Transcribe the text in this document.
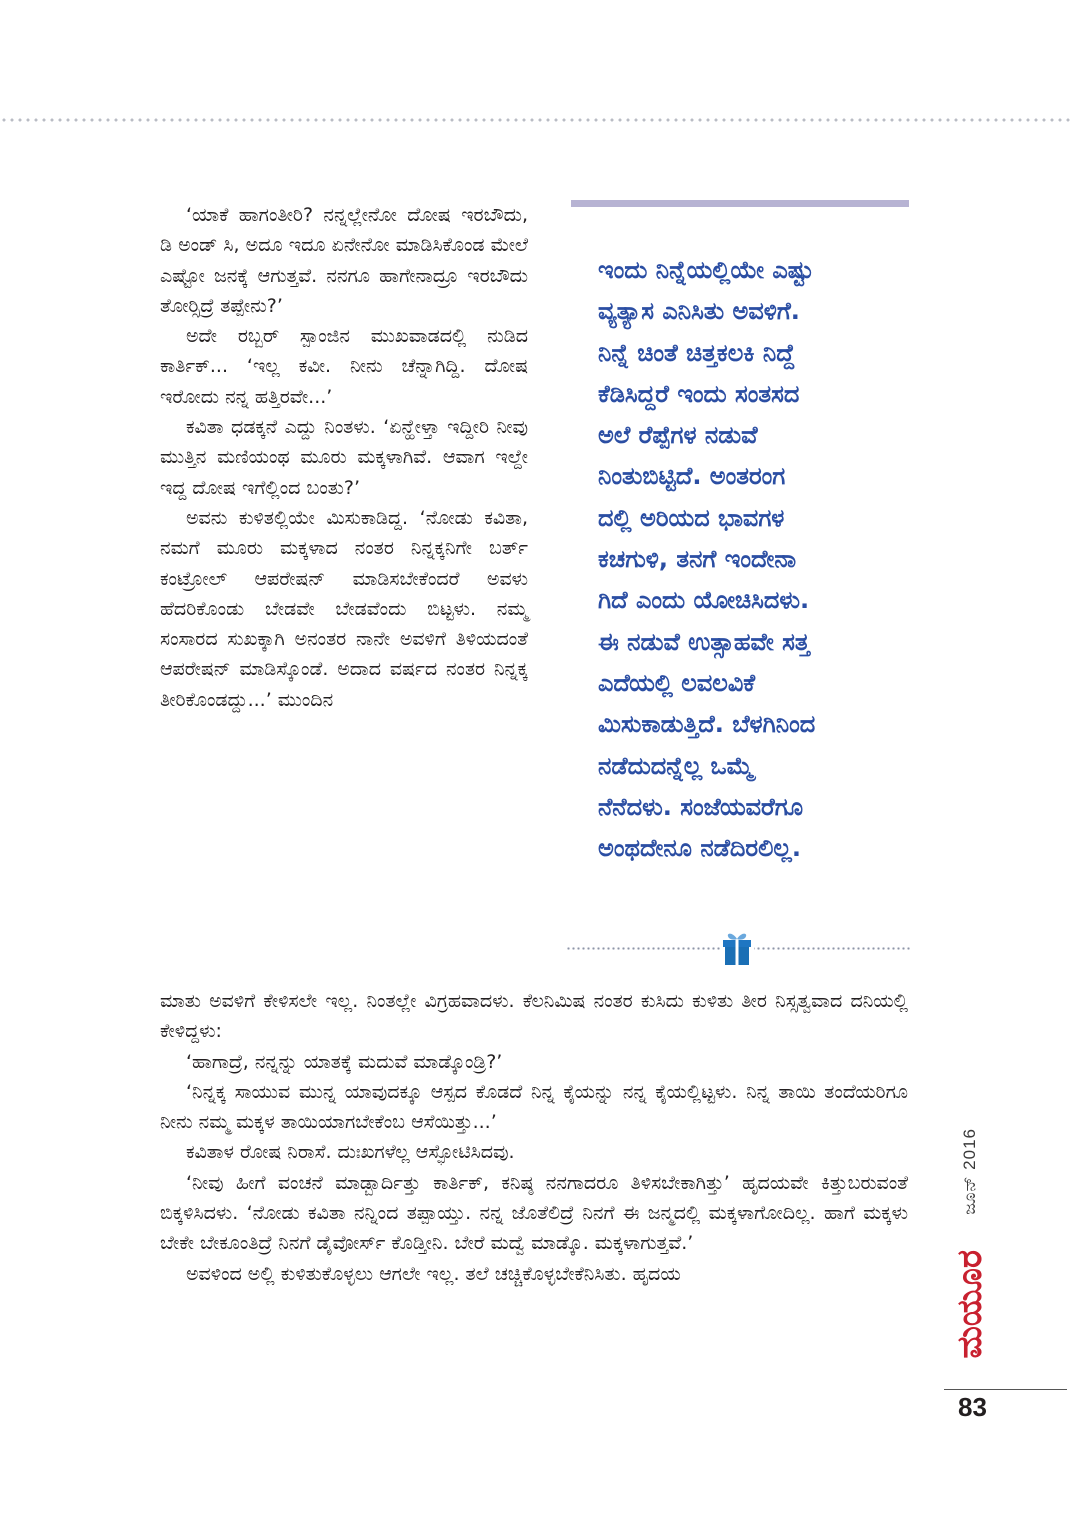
‘ಯಾಕೆ ಹಾಗಂತೀರಿ? ನನ್ನಲ್ಲೇನೋ ದೋಷ ಇರಬೌದು, ಡಿ ಅಂಡ್ ಸಿ, ಅದೂ ಇದೂ ಏನೇನೋ ಮಾಡಿಸಿಕೊಂಡ ಮೇಲೆ ಎಷ್ಟೋ ಜನಕ್ಕೆ ಆಗುತ್ತವೆ. ನನಗೂ ಹಾಗೇನಾದ್ರೂ ಇರಬೌದು ತೋರ್‍ಸಿದ್ರೆ ತಪ್ಪೇನು?’

ಅದೇ ರಬ್ಬರ್ ಸ್ಪಾಂಜಿನ ಮುಖವಾಡದಲ್ಲಿ ನುಡಿದ ಕಾರ್ತಿಕ್... ‘ಇಲ್ಲ ಕವೀ. ನೀನು ಚೆನ್ನಾಗಿದ್ದಿ. ದೋಷ ಇರೋದು ನನ್ನ ಹತ್ತಿರವೇ...’

ಕವಿತಾ ಧಡಕ್ಕನೆ ಎದ್ದು ನಿಂತಳು. ‘ಏನ್ಹೇಳ್ತಾ ಇದ್ದೀರಿ ನೀವು ಮುತ್ತಿನ ಮಣಿಯಂಥ ಮೂರು ಮಕ್ಕಳಾಗಿವೆ. ಆವಾಗ ಇಲ್ದೇ ಇದ್ದ ದೋಷ ಇಗೆಲ್ಲಿಂದ ಬಂತು?’

ಅವನು ಕುಳಿತಲ್ಲಿಯೇ ಮಿಸುಕಾಡಿದ್ದ. ‘ನೋಡು ಕವಿತಾ, ನಮಗೆ ಮೂರು ಮಕ್ಕಳಾದ ನಂತರ ನಿನ್ನಕ್ಕನಿಗೇ ಬರ್ತ್ ಕಂಟ್ರೋಲ್ ಆಪರೇಷನ್ ಮಾಡಿಸಬೇಕೆಂದರೆ ಅವಳು ಹೆದರಿಕೊಂಡು ಬೇಡವೇ ಬೇಡವೆಂದು ಬಿಟ್ಟಳು. ನಮ್ಮ ಸಂಸಾರದ ಸುಖಕ್ಕಾಗಿ ಅನಂತರ ನಾನೇ ಅವಳಿಗೆ ತಿಳಿಯದಂತೆ ಆಪರೇಷನ್ ಮಾಡಿಸ್ಕೊಂಡೆ. ಅದಾದ ವರ್ಷದ ನಂತರ ನಿನ್ನಕ್ಕ ತೀರಿಕೊಂಡದ್ದು...’ ಮುಂದಿನ

ಇಂದು ನಿನ್ನೆಯಲ್ಲಿಯೇ ಎಷ್ಟು
ವ್ಯತ್ಯಾಸ ಎನಿಸಿತು ಅವಳಿಗೆ.
ನಿನ್ನೆ ಚಿಂತೆ ಚಿತ್ತಕಲಕಿ ನಿದ್ದೆ
ಕೆಡಿಸಿದ್ದರೆ ಇಂದು ಸಂತಸದ
ಅಲೆ ರೆಪ್ಪೆಗಳ ನಡುವೆ
ನಿಂತುಬಿಟ್ಟಿದೆ. ಅಂತರಂಗ
ದಲ್ಲಿ ಅರಿಯದ ಭಾವಗಳ
ಕಚಗುಳಿ, ತನಗೆ ಇಂದೇನಾ
ಗಿದೆ ಎಂದು ಯೋಚಿಸಿದಳು.
ಈ ನಡುವೆ ಉತ್ಸಾಹವೇ ಸತ್ತ
ಎದೆಯಲ್ಲಿ ಲವಲವಿಕೆ
ಮಿಸುಕಾಡುತ್ತಿದೆ. ಬೆಳಗಿನಿಂದ
ನಡೆದುದನ್ನೆಲ್ಲ ಒಮ್ಮೆ
ನೆನೆದಳು. ಸಂಜೆಯವರೆಗೂ
ಅಂಥದೇನೂ ನಡೆದಿರಲಿಲ್ಲ.

ಮಾತು ಅವಳಿಗೆ ಕೇಳಿಸಲೇ ಇಲ್ಲ. ನಿಂತಲ್ಲೇ ವಿಗ್ರಹವಾದಳು. ಕೆಲನಿಮಿಷ ನಂತರ ಕುಸಿದು ಕುಳಿತು ತೀರ ನಿಸ್ಸತ್ವವಾದ ದನಿಯಲ್ಲಿ ಕೇಳಿದ್ದಳು:

‘ಹಾಗಾದ್ರೆ, ನನ್ನನ್ನು ಯಾತಕ್ಕೆ ಮದುವೆ ಮಾಡ್ಕೊಂಡ್ರಿ?’

‘ನಿನ್ನಕ್ಕ ಸಾಯುವ ಮುನ್ನ ಯಾವುದಕ್ಕೂ ಆಸ್ಪದ ಕೊಡದೆ ನಿನ್ನ ಕೈಯನ್ನು ನನ್ನ ಕೈಯಲ್ಲಿಟ್ಟಳು. ನಿನ್ನ ತಾಯಿ ತಂದೆಯರಿಗೂ ನೀನು ನಮ್ಮ ಮಕ್ಕಳ ತಾಯಿಯಾಗಬೇಕೆಂಬ ಆಸೆಯಿತ್ತು...’

ಕವಿತಾಳ ರೋಷ ನಿರಾಸೆ. ದುಃಖಗಳೆಲ್ಲ ಆಸ್ಫೋಟಿಸಿದವು.

‘ನೀವು ಹೀಗೆ ವಂಚನೆ ಮಾಡ್ಬಾರ್ದಿತ್ತು ಕಾರ್ತಿಕ್, ಕನಿಷ್ಠ ನನಗಾದರೂ ತಿಳಿಸಬೇಕಾಗಿತ್ತು’ ಹೃದಯವೇ ಕಿತ್ತುಬರುವಂತೆ ಬಿಕ್ಕಳಿಸಿದಳು. ‘ನೋಡು ಕವಿತಾ ನನ್ನಿಂದ ತಪ್ಪಾಯ್ತು. ನನ್ನ ಜೊತೆಲಿದ್ರೆ ನಿನಗೆ ಈ ಜನ್ಮದಲ್ಲಿ ಮಕ್ಕಳಾಗೋದಿಲ್ಲ. ಹಾಗೆ ಮಕ್ಕಳು ಬೇಕೇ ಬೇಕೂಂತಿದ್ರೆ ನಿನಗೆ ಡೈವೋರ್ಸ್ ಕೊಡ್ತೀನಿ. ಬೇರೆ ಮದ್ವೆ ಮಾಡ್ಕೊ. ಮಕ್ಕಳಾಗುತ್ತವೆ.’

ಅವಳಿಂದ ಅಲ್ಲಿ ಕುಳಿತುಕೊಳ್ಳಲು ಆಗಲೇ ಇಲ್ಲ. ತಲೆ ಚಚ್ಚಿಕೊಳ್ಳಬೇಕೆನಿಸಿತು. ಹೃದಯ

ಜೂನ್ 2016
ಮಯೂರ
83
